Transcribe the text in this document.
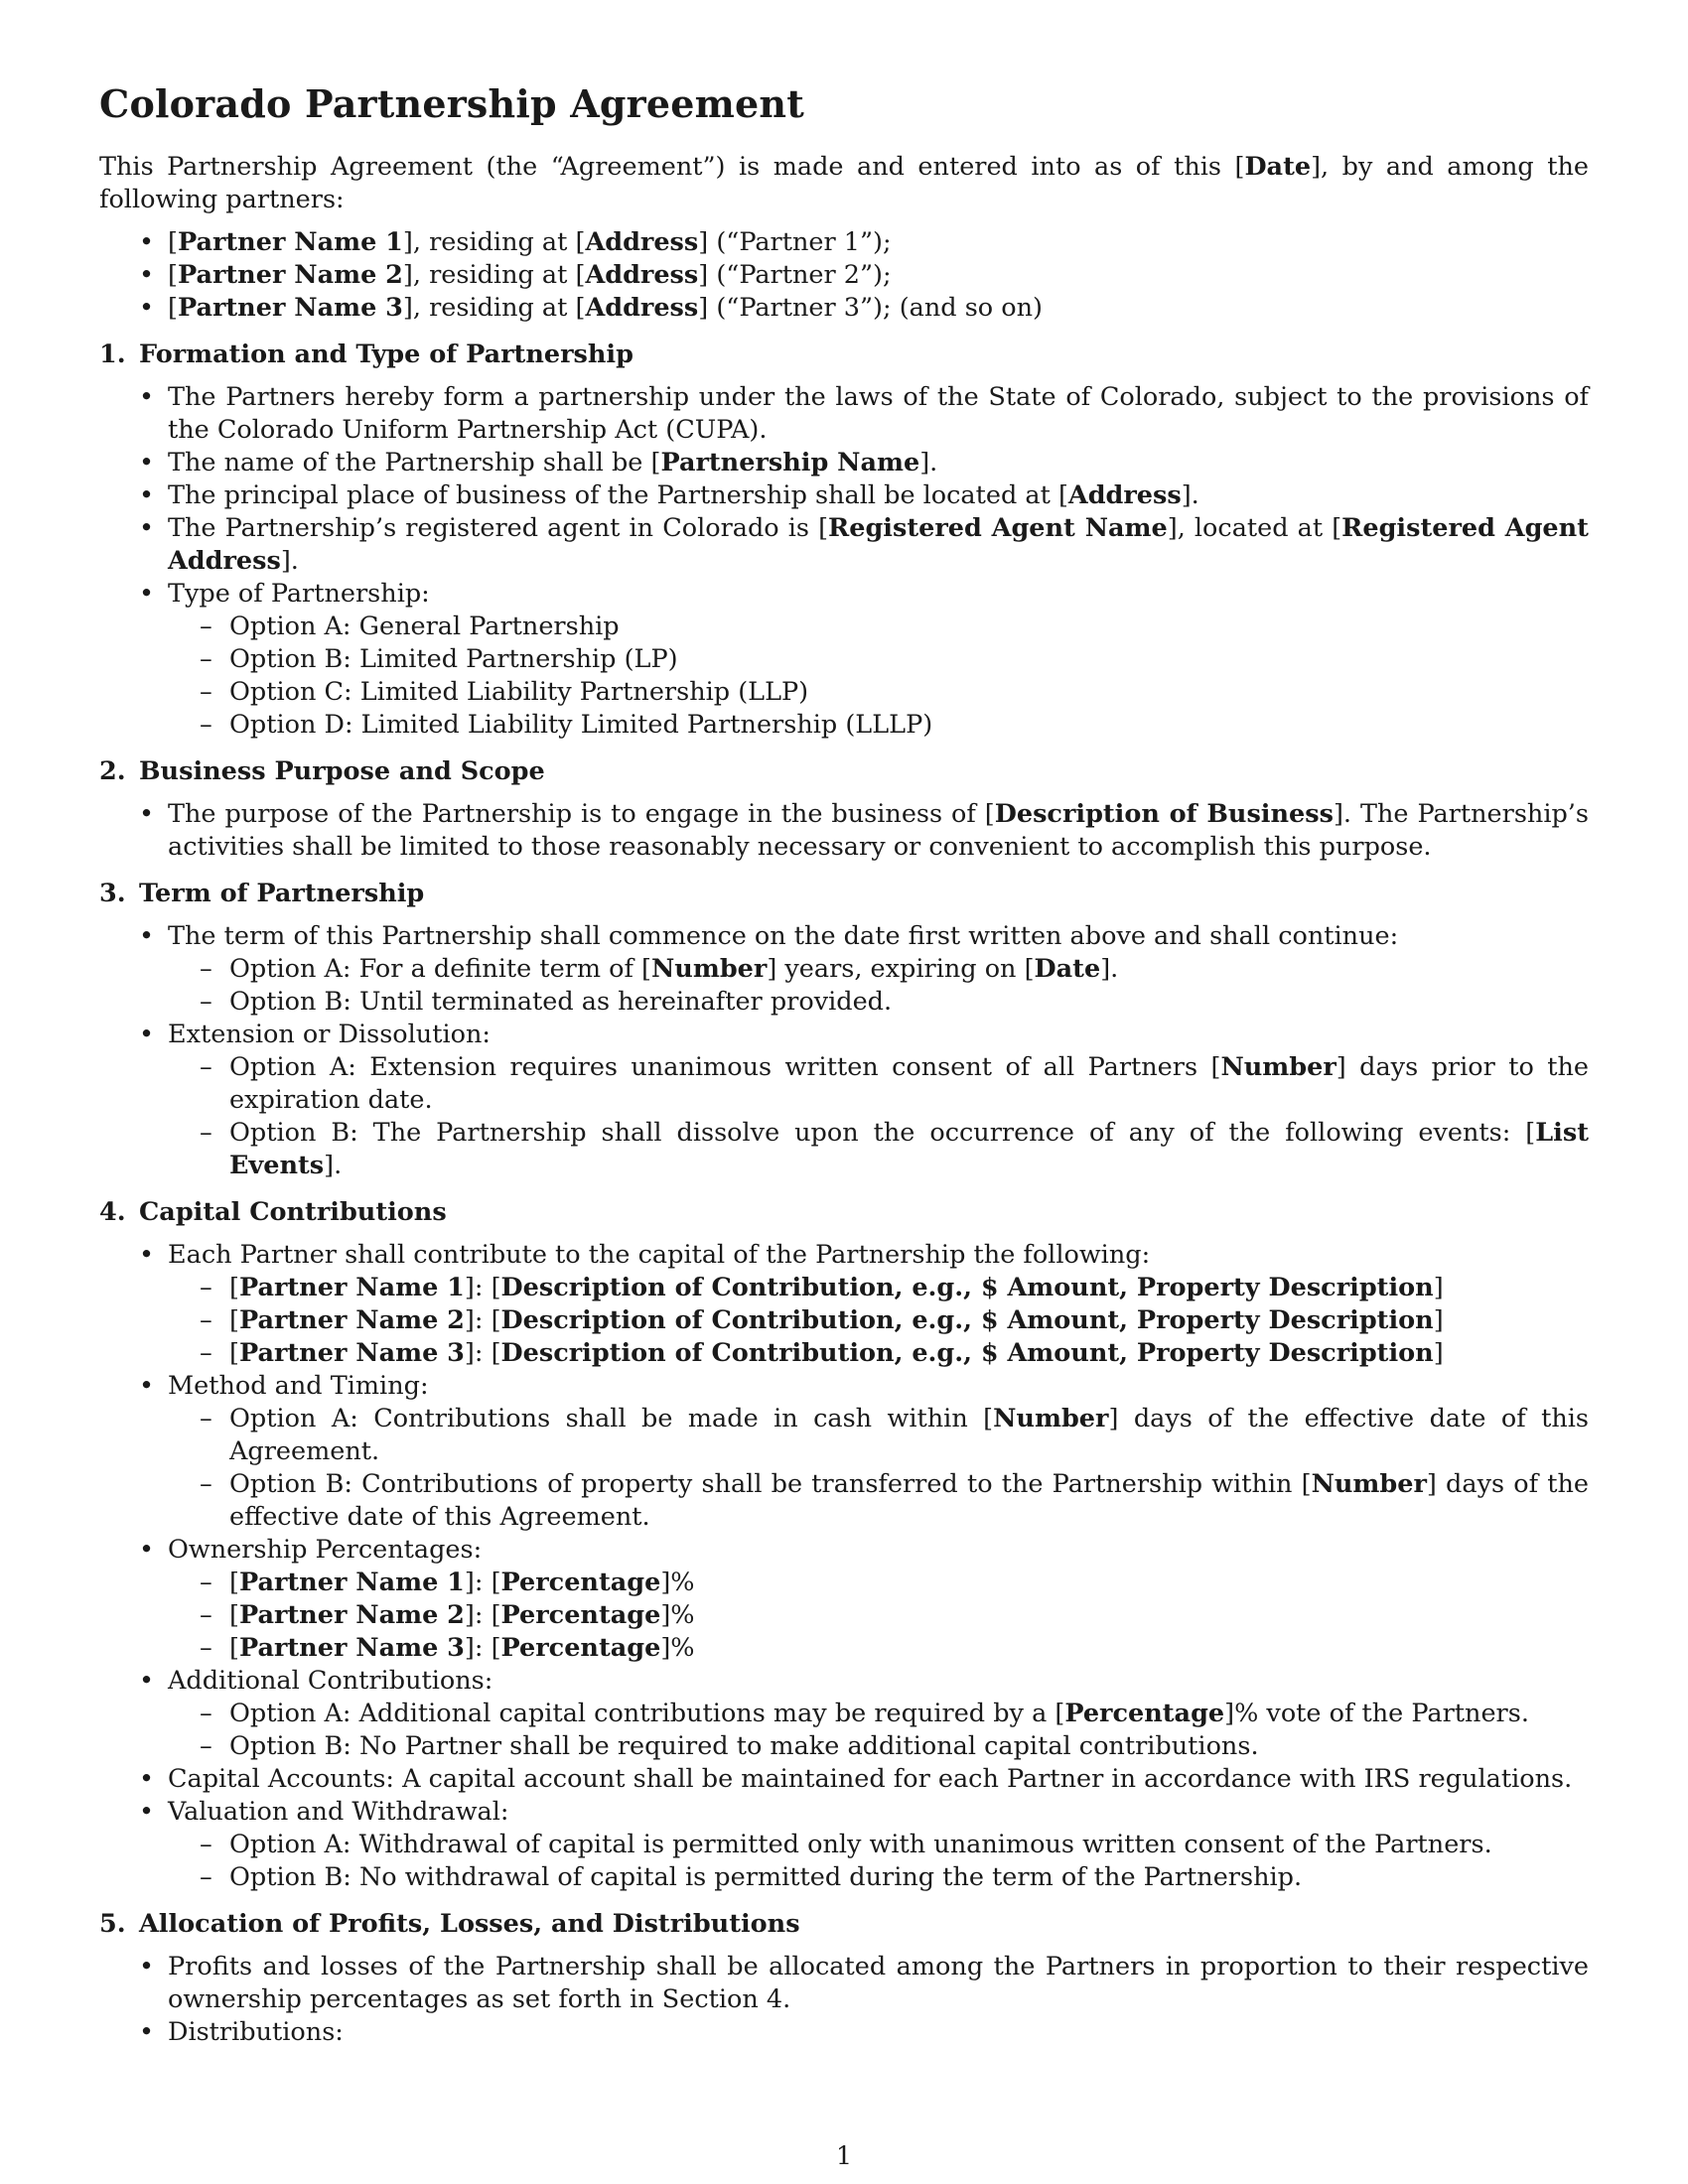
Colorado Partnership Agreement

This Partnership Agreement (the “Agreement”) is made and entered into as of this [Date], by and among the following partners:

• [Partner Name 1], residing at [Address] (“Partner 1”);
• [Partner Name 2], residing at [Address] (“Partner 2”);
• [Partner Name 3], residing at [Address] (“Partner 3”); (and so on)
1. Formation and Type of Partnership
• The Partners hereby form a partnership under the laws of the State of Colorado, subject to the provisions of the Colorado Uniform Partnership Act (CUPA).
• The name of the Partnership shall be [Partnership Name].
• The principal place of business of the Partnership shall be located at [Address].
• The Partnership’s registered agent in Colorado is [Registered Agent Name], located at [Registered Agent Address].
• Type of Partnership:
– Option A: General Partnership
– Option B: Limited Partnership (LP)
– Option C: Limited Liability Partnership (LLP)
– Option D: Limited Liability Limited Partnership (LLLP)
2. Business Purpose and Scope
• The purpose of the Partnership is to engage in the business of [Description of Business]. The Partnership’s activities shall be limited to those reasonably necessary or convenient to accomplish this purpose.
3. Term of Partnership
• The term of this Partnership shall commence on the date first written above and shall continue:
– Option A: For a definite term of [Number] years, expiring on [Date].
– Option B: Until terminated as hereinafter provided.
• Extension or Dissolution:
– Option A: Extension requires unanimous written consent of all Partners [Number] days prior to the expiration date.
– Option B: The Partnership shall dissolve upon the occurrence of any of the following events: [List Events].
4. Capital Contributions
• Each Partner shall contribute to the capital of the Partnership the following:
– [Partner Name 1]: [Description of Contribution, e.g., $ Amount, Property Description]
– [Partner Name 2]: [Description of Contribution, e.g., $ Amount, Property Description]
– [Partner Name 3]: [Description of Contribution, e.g., $ Amount, Property Description]
• Method and Timing:
– Option A: Contributions shall be made in cash within [Number] days of the effective date of this Agreement.
– Option B: Contributions of property shall be transferred to the Partnership within [Number] days of the effective date of this Agreement.
• Ownership Percentages:
– [Partner Name 1]: [Percentage]%
– [Partner Name 2]: [Percentage]%
– [Partner Name 3]: [Percentage]%
• Additional Contributions:
– Option A: Additional capital contributions may be required by a [Percentage]% vote of the Partners.
– Option B: No Partner shall be required to make additional capital contributions.
• Capital Accounts: A capital account shall be maintained for each Partner in accordance with IRS regulations.
• Valuation and Withdrawal:
– Option A: Withdrawal of capital is permitted only with unanimous written consent of the Partners.
– Option B: No withdrawal of capital is permitted during the term of the Partnership.
5. Allocation of Profits, Losses, and Distributions
• Profits and losses of the Partnership shall be allocated among the Partners in proportion to their respective ownership percentages as set forth in Section 4.
• Distributions:
1
